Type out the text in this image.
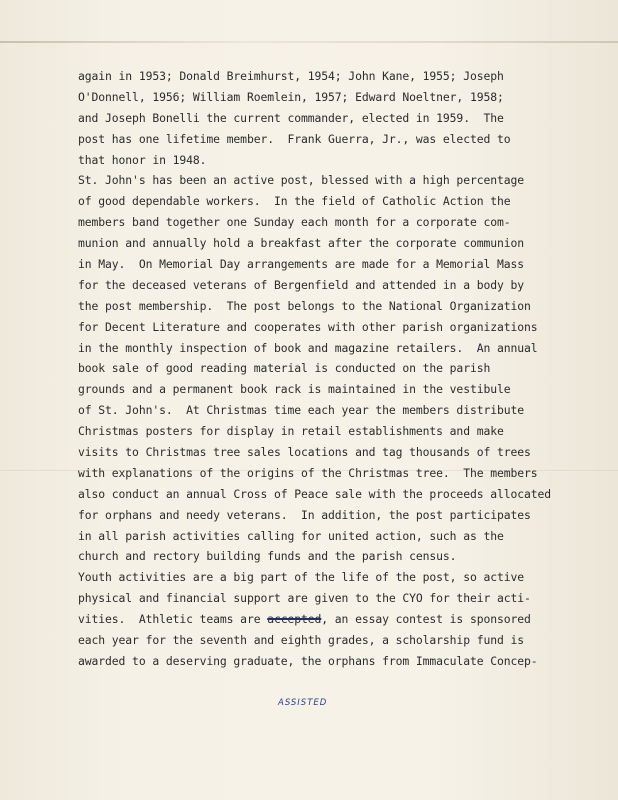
again in 1953; Donald Breimhurst, 1954; John Kane, 1955; Joseph
O'Donnell, 1956; William Roemlein, 1957; Edward Noeltner, 1958;
and Joseph Bonelli the current commander, elected in 1959.  The
post has one lifetime member.  Frank Guerra, Jr., was elected to
that honor in 1948.
St. John's has been an active post, blessed with a high percentage
of good dependable workers.  In the field of Catholic Action the
members band together one Sunday each month for a corporate com-
munion and annually hold a breakfast after the corporate communion
in May.  On Memorial Day arrangements are made for a Memorial Mass
for the deceased veterans of Bergenfield and attended in a body by
the post membership.  The post belongs to the National Organization
for Decent Literature and cooperates with other parish organizations
in the monthly inspection of book and magazine retailers.  An annual
book sale of good reading material is conducted on the parish
grounds and a permanent book rack is maintained in the vestibule
of St. John's.  At Christmas time each year the members distribute
Christmas posters for display in retail establishments and make
visits to Christmas tree sales locations and tag thousands of trees
with explanations of the origins of the Christmas tree.  The members
also conduct an annual Cross of Peace sale with the proceeds allocated
for orphans and needy veterans.  In addition, the post participates
in all parish activities calling for united action, such as the
church and rectory building funds and the parish census.
Youth activities are a big part of the life of the post, so active
physical and financial support are given to the CYO for their acti-
vities.  Athletic teams are accepted, an essay contest is sponsored
each year for the seventh and eighth grades, a scholarship fund is
awarded to a deserving graduate, the orphans from Immaculate Concep-
ASSISTED
